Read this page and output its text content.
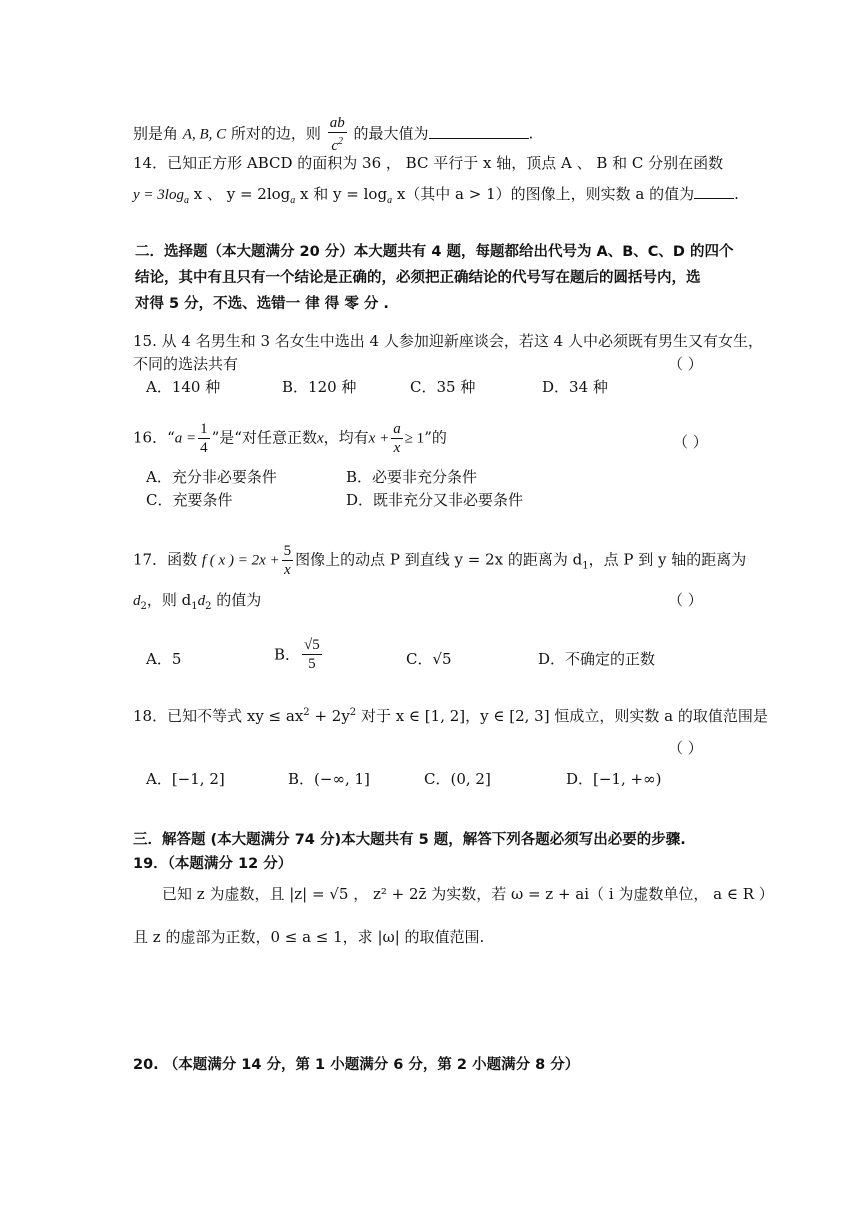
别是角 A, B, C 所对的边，则 $\frac{ab}{c^2}$ 的最大值为	.
14．已知正方形 ABCD 的面积为 36 ， BC 平行于 x 轴，顶点 A 、 B 和 C 分别在函数
$y = 3\log_a$ x 、 $y = 2\log_a$ x 和 $y = \log_a x$（其中 a > 1）的图像上，则实数 a 的值为	.
二．选择题（本大题满分 20 分）本大题共有 4 题，每题都给出代号为 A、B、C、D 的四个
结论，其中有且只有一个结论是正确的，必须把正确结论的代号写在题后的圆括号内，选
对得 5 分，不选、选错一 律 得 零 分 .
15. 从 4 名男生和 3 名女生中选出 4 人参加迎新座谈会，若这 4 人中必须既有男生又有女生，
不同的选法共有	（ ）
A．140 种	B．120 种	C．35 种	D．34 种
16．“$a = \frac{1}{4}$ ”是“对任意正数x，均有$x + \frac{a}{x} \ge 1$”的	（ ）
A．充分非必要条件	B．必要非充分条件
C．充要条件	D．既非充分又非必要条件
17．函数 f ( x ) = $2x + \frac{5}{x}$ 图像上的动点 P 到直线 y = 2x 的距离为 $d_1$，点 P 到 y 轴的距离为
$d_2$，则 $d_1d_2$ 的值为	（ ）
A．5	B． $\frac{√5}{5}$	C．√5	D．不确定的正数
18．已知不等式 xy ≤ $ax^2 + 2y^2$ 对于 x ∈ [1, 2]，y ∈ [2, 3] 恒成立，则实数 a 的取值范围是
（ ）
A．[−1, 2]	B．(−∞, 1]	C．(0, 2]	D．[−1, +∞)
三．解答题 (本大题满分 74 分)本大题共有 5 题，解答下列各题必须写出必要的步骤.
19．（本题满分 12 分）
已知 z 为虚数，且 |z| = √5 ， z² + 2z̄ 为实数，若 ω = z + ai（ i 为虚数单位， a ∈ R ）
且 z 的虚部为正数，0 ≤ a ≤ 1，求 |ω| 的取值范围.
20. （本题满分 14 分，第 1 小题满分 6 分，第 2 小题满分 8 分）
